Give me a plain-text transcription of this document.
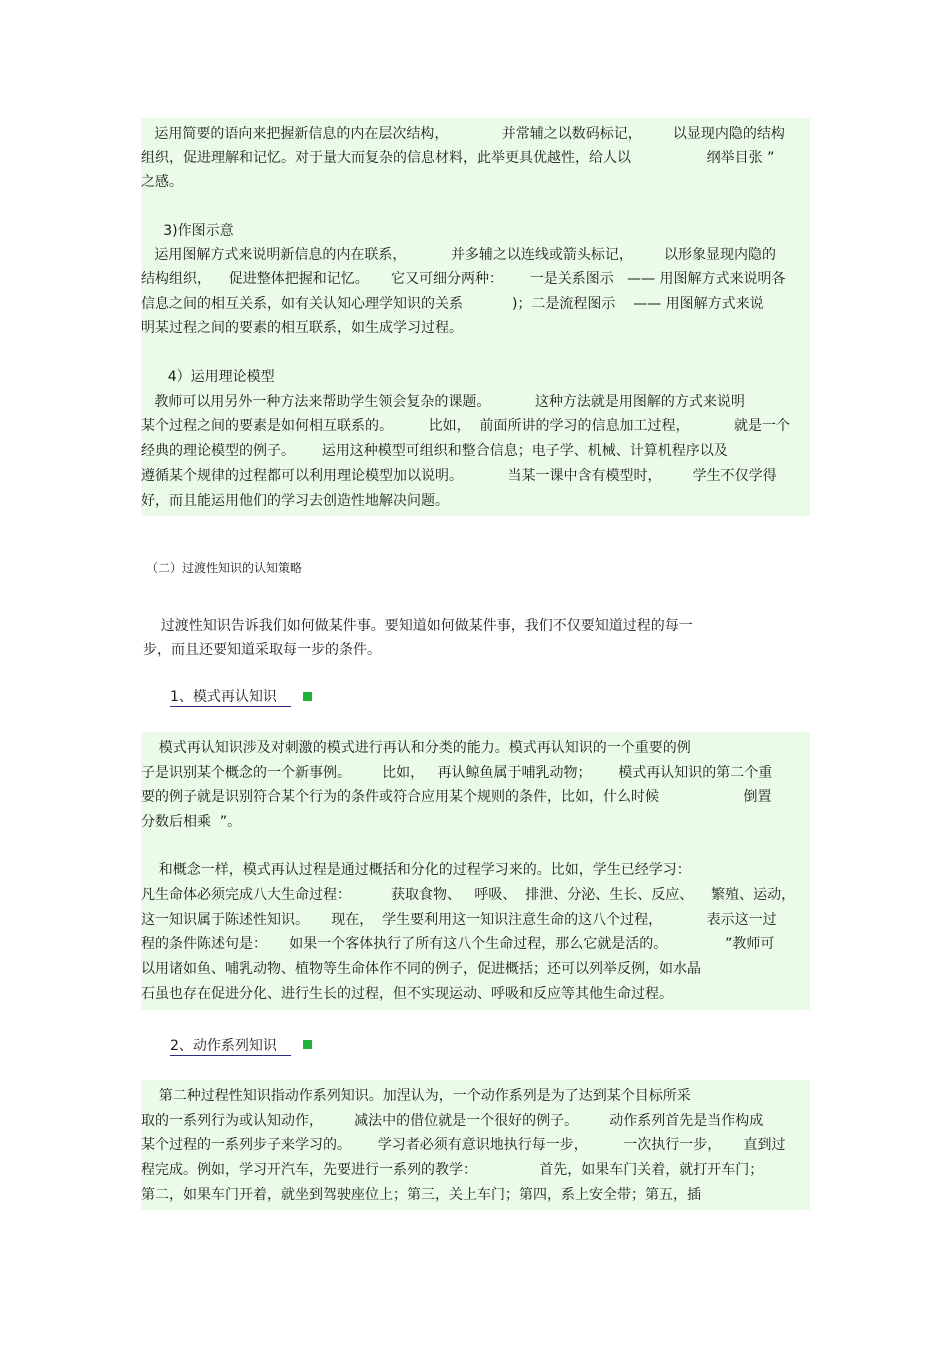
运用简要的语向来把握新信息的内在层次结构，            并常辅之以数码标记，       以显现内隐的结构
组织，促进理解和记忆。对于量大而复杂的信息材料，此举更具优越性，给人以                 纲举目张 ”
之感。
3)作图示意
运用图解方式来说明新信息的内在联系，          并多辅之以连线或箭头标记，       以形象显现内隐的
结构组织，    促进整体把握和记忆。     它又可细分两种：      一是关系图示   —— 用图解方式来说明各
信息之间的相互关系，如有关认知心理学知识的关系           )；二是流程图示    —— 用图解方式来说
明某过程之间的要素的相互联系，如生成学习过程。
4）运用理论模型
教师可以用另外一种方法来帮助学生领会复杂的课题。          这种方法就是用图解的方式来说明
某个过程之间的要素是如何相互联系的。        比如，  前面所讲的学习的信息加工过程，          就是一个
经典的理论模型的例子。      运用这种模型可组织和整合信息；电子学、机械、计算机程序以及
遵循某个规律的过程都可以利用理论模型加以说明。          当某一课中含有模型时，       学生不仅学得
好，而且能运用他们的学习去创造性地解决问题。
（二）过渡性知识的认知策略
过渡性知识告诉我们如何做某件事。要知道如何做某件事，我们不仅要知道过程的每一
步，而且还要知道采取每一步的条件。
1、模式再认知识
模式再认知识涉及对刺激的模式进行再认和分类的能力。模式再认知识的一个重要的例
子是识别某个概念的一个新事例。       比如，   再认鲸鱼属于哺乳动物；      模式再认知识的第二个重
要的例子就是识别符合某个行为的条件或符合应用某个规则的条件，比如，什么时候                   倒置
分数后相乘  ”。
和概念一样，模式再认过程是通过概括和分化的过程学习来的。比如，学生已经学习：
凡生命体必须完成八大生命过程：         获取食物、   呼吸、  排泄、分泌、生长、反应、    繁殖、运动，
这一知识属于陈述性知识。     现在，  学生要利用这一知识注意生命的这八个过程，          表示这一过
程的条件陈述句是：     如果一个客体执行了所有这八个生命过程，那么它就是活的。             ”教师可
以用诸如鱼、哺乳动物、植物等生命体作不同的例子，促进概括；还可以列举反例，如水晶
石虽也存在促进分化、进行生长的过程，但不实现运动、呼吸和反应等其他生命过程。
2、动作系列知识
第二种过程性知识指动作系列知识。加涅认为，一个动作系列是为了达到某个目标所采
取的一系列行为或认知动作，       减法中的借位就是一个很好的例子。       动作系列首先是当作构成
某个过程的一系列步子来学习的。      学习者必须有意识地执行每一步，        一次执行一步，     直到过
程完成。例如，学习开汽车，先要进行一系列的教学：              首先，如果车门关着，就打开车门；
第二，如果车门开着，就坐到驾驶座位上；第三，关上车门；第四，系上安全带；第五，插
